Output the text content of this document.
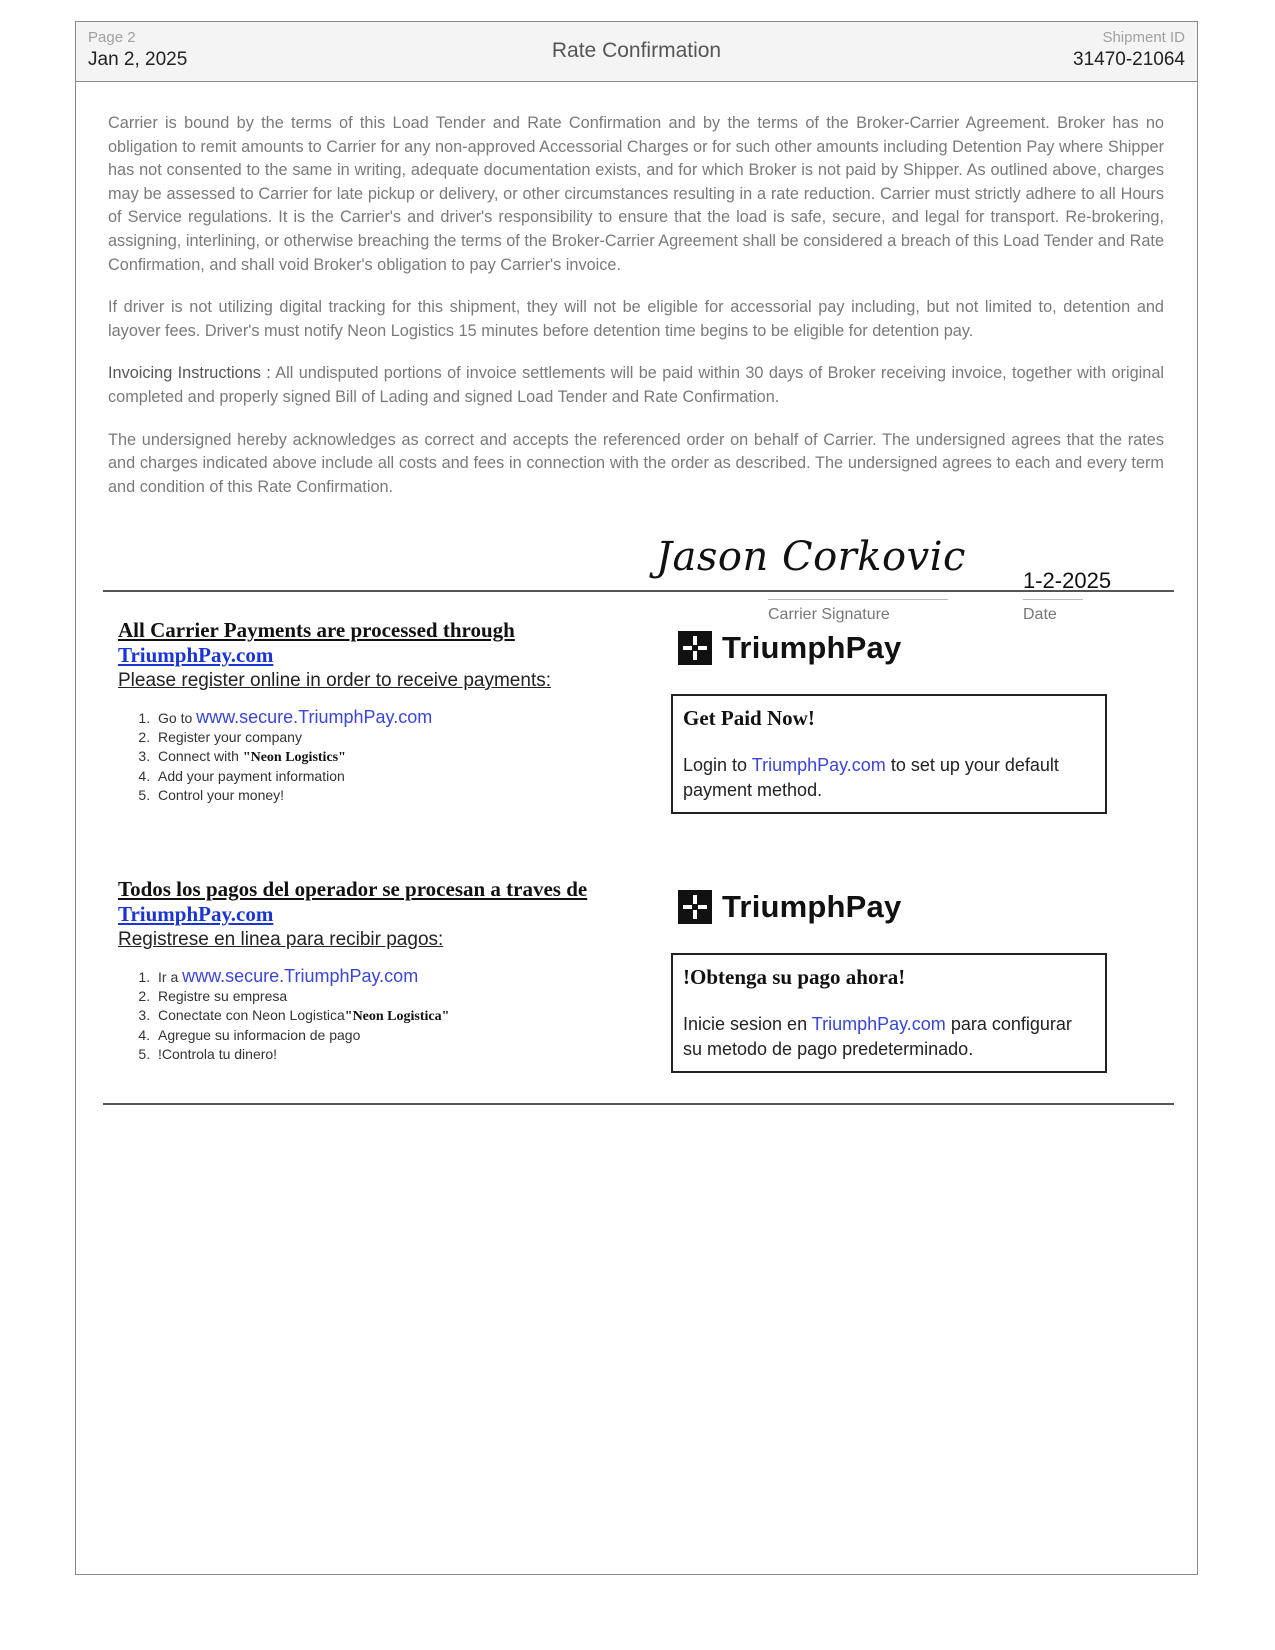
Page 2
Jan 2, 2025	Rate Confirmation
Shipment ID
31470-21064

Carrier is bound by the terms of this Load Tender and Rate Confirmation and by the terms of the Broker-Carrier Agreement. Broker has no obligation to remit amounts to Carrier for any non-approved Accessorial Charges or for such other amounts including Detention Pay where Shipper has not consented to the same in writing, adequate documentation exists, and for which Broker is not paid by Shipper. As outlined above, charges may be assessed to Carrier for late pickup or delivery, or other circumstances resulting in a rate reduction. Carrier must strictly adhere to all Hours of Service regulations. It is the Carrier's and driver's responsibility to ensure that the load is safe, secure, and legal for transport. Re-brokering, assigning, interlining, or otherwise breaching the terms of the Broker-Carrier Agreement shall be considered a breach of this Load Tender and Rate Confirmation, and shall void Broker's obligation to pay Carrier's invoice.

If driver is not utilizing digital tracking for this shipment, they will not be eligible for accessorial pay including, but not limited to, detention and layover fees. Driver's must notify Neon Logistics 15 minutes before detention time begins to be eligible for detention pay.

Invoicing Instructions : All undisputed portions of invoice settlements will be paid within 30 days of Broker receiving invoice, together with original completed and properly signed Bill of Lading and signed Load Tender and Rate Confirmation.

The undersigned hereby acknowledges as correct and accepts the referenced order on behalf of Carrier. The undersigned agrees that the rates and charges indicated above include all costs and fees in connection with the order as described. The undersigned agrees to each and every term and condition of this Rate Confirmation.

Jason Corkovic
Carrier Signature
1-2-2025
Date
All Carrier Payments are processed through
TriumphPay.com
Please register online in order to receive payments:
1. Go to www.secure.TriumphPay.com
2. Register your company
3. Connect with "Neon Logistics"
4. Add your payment information
5. Control your money!
TriumphPay
Get Paid Now!
Login to TriumphPay.com to set up your default payment method.
Todos los pagos del operador se procesan a traves de
TriumphPay.com
Registrese en linea para recibir pagos:
1. Ir a www.secure.TriumphPay.com
2. Registre su empresa
3. Conectate con Neon Logistica"Neon Logistica"
4. Agregue su informacion de pago
5. !Controla tu dinero!
TriumphPay
!Obtenga su pago ahora!
Inicie sesion en TriumphPay.com para configurar su metodo de pago predeterminado.
